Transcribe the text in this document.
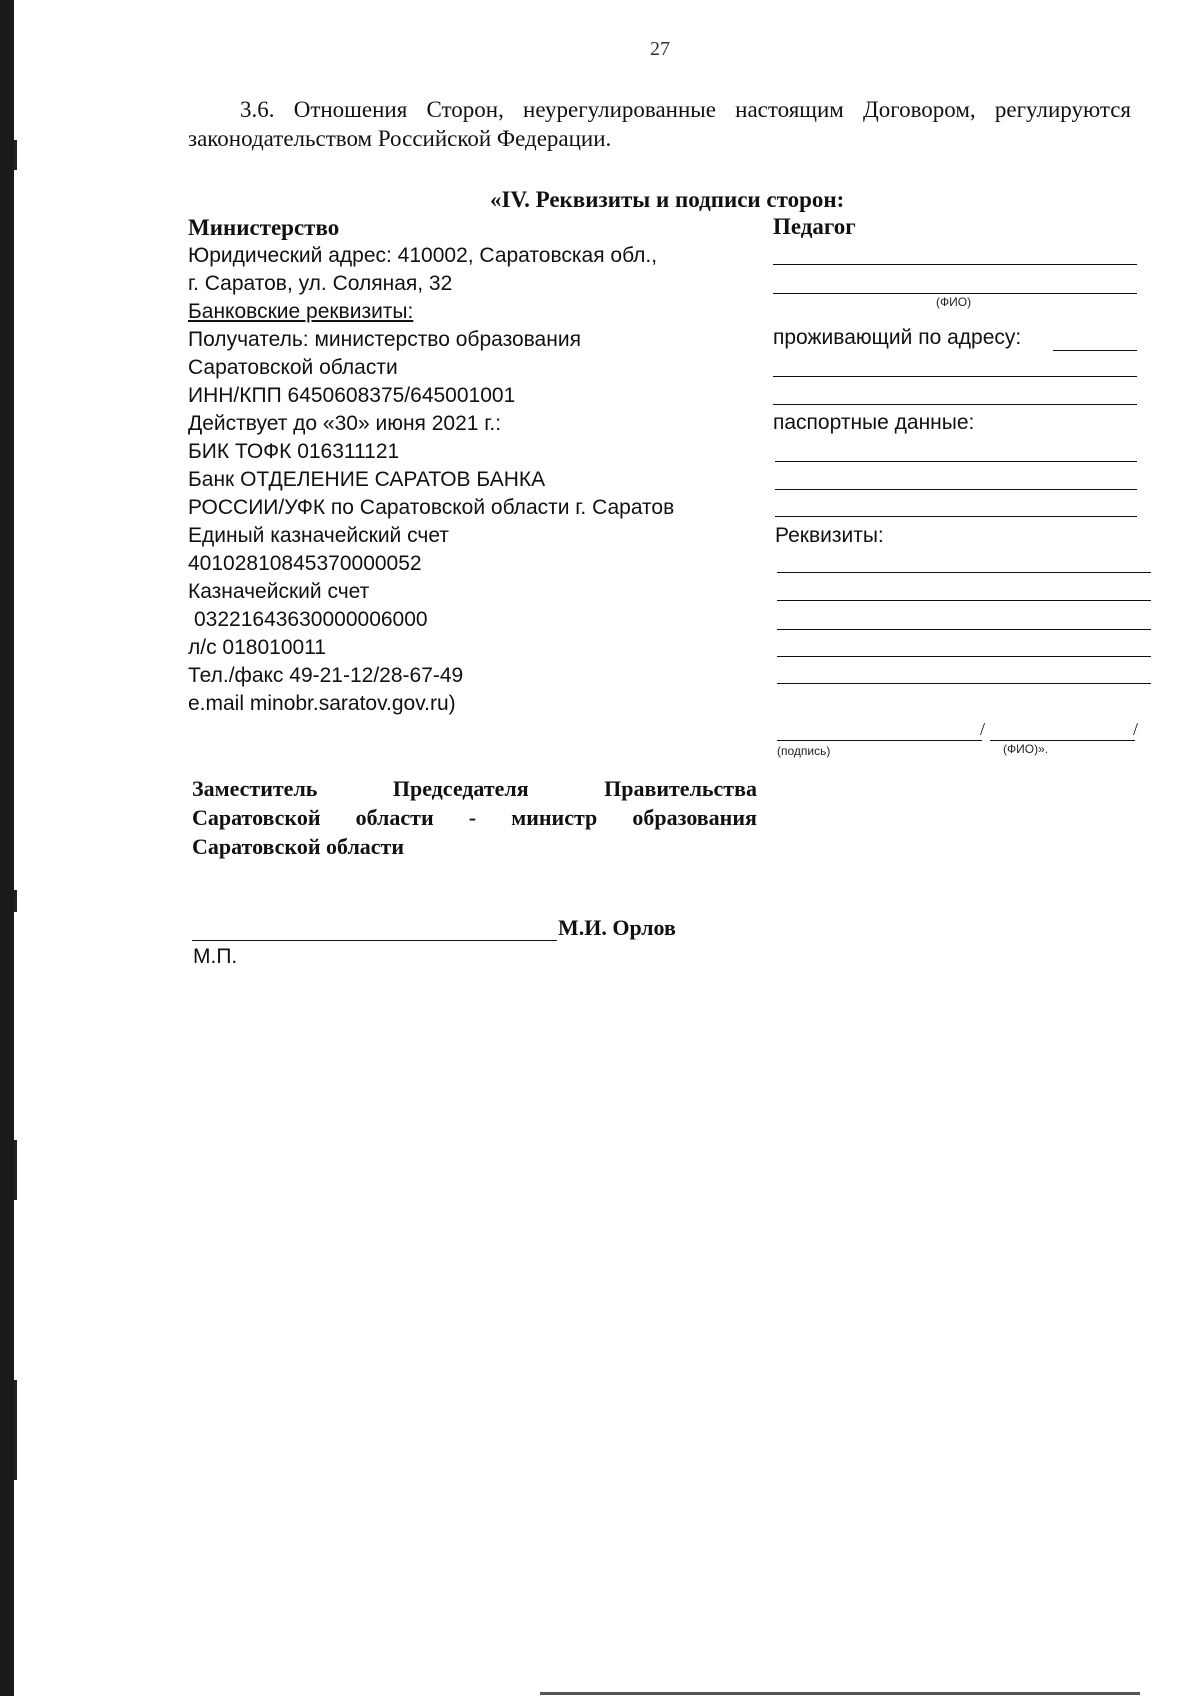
27
3.6. Отношения Сторон, неурегулированные настоящим Договором, регулируются законодательством Российской Федерации.
«IV. Реквизиты и подписи сторон:
Министерство
Юридический адрес: 410002, Саратовская обл.,
г. Саратов, ул. Соляная, 32
Банковские реквизиты:
Получатель: министерство образования
Саратовской области
ИНН/КПП 6450608375/645001001
Действует до «30» июня 2021 г.:
БИК ТОФК 016311121
Банк ОТДЕЛЕНИЕ САРАТОВ БАНКА
РОССИИ/УФК по Саратовской области г. Саратов
Единый казначейский счет
40102810845370000052
Казначейский счет
03221643630000006000
л/с 018010011
Тел./факс 49-21-12/28-67-49
e.mail minobr.saratov.gov.ru)
Педагог
(ФИО)
проживающий по адресу:
паспортные данные:
Реквизиты:
/	/
(подпись)	(ФИО)».
Заместитель	Председателя	Правительства
Саратовской области - министр образования
Саратовской области
М.И. Орлов
М.П.
